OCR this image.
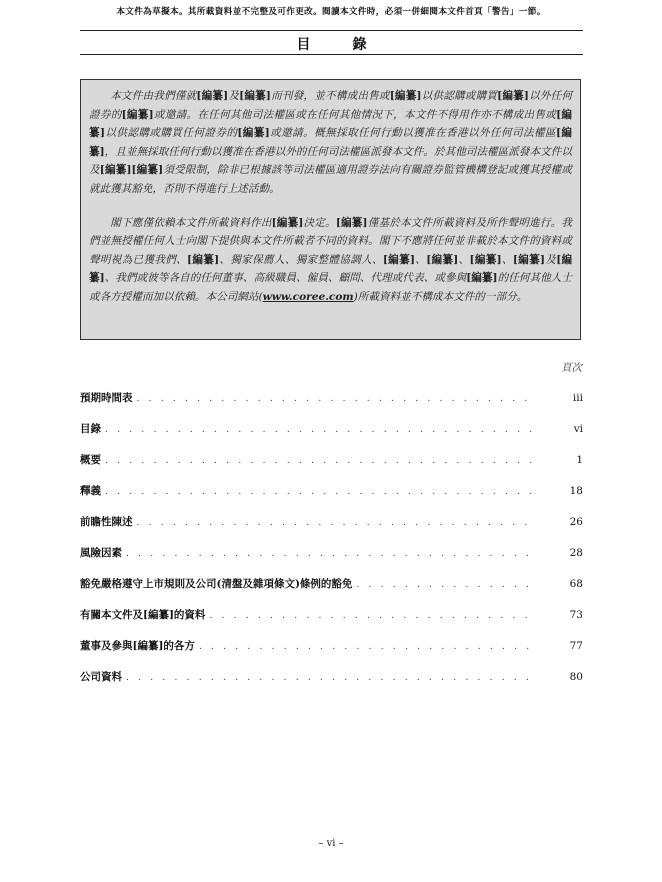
本文件為草擬本。其所載資料並不完整及可作更改。閱讀本文件時，必須一併細閱本文件首頁「警告」一節。
目　錄

本文件由我們僅就[編纂]及[編纂]而刊發，並不構成出售或[編纂]以供認購或購買[編纂]以外任何證券的[編纂]或邀請。在任何其他司法權區或在任何其他情況下，本文件不得用作亦不構成出售或[編纂]以供認購或購買任何證券的[編纂]或邀請。概無採取任何行動以獲准在香港以外任何司法權區[編纂]，且並無採取任何行動以獲准在香港以外的任何司法權區派發本文件。於其他司法權區派發本文件以及[編纂][編纂]須受限制，除非已根據該等司法權區適用證券法向有關證券監管機構登記或獲其授權或就此獲其豁免，否則不得進行上述活動。

閣下應僅依賴本文件所載資料作出[編纂]決定。[編纂]僅基於本文件所載資料及所作聲明進行。我們並無授權任何人士向閣下提供與本文件所載者不同的資料。閣下不應將任何並非載於本文件的資料或聲明視為已獲我們、[編纂]、獨家保薦人、獨家整體協調人、[編纂]、[編纂]、[編纂]、[編纂]及[編纂]、我們或彼等各自的任何董事、高級職員、僱員、顧問、代理或代表、或參與[編纂]的任何其他人士或各方授權而加以依賴。本公司網站(www.coree.com)所載資料並不構成本文件的一部分。

頁次
預期時間表 . . .	iii
目錄 . . .	vi
概要 . . .	1
釋義 . . .	18
前瞻性陳述 . . .	26
風險因素 . . .	28
豁免嚴格遵守上市規則及公司(清盤及雜項條文)條例的豁免 . . .	68
有關本文件及[編纂]的資料 . . .	73
董事及參與[編纂]的各方 . . .	77
公司資料 . . .	80
– vi –
